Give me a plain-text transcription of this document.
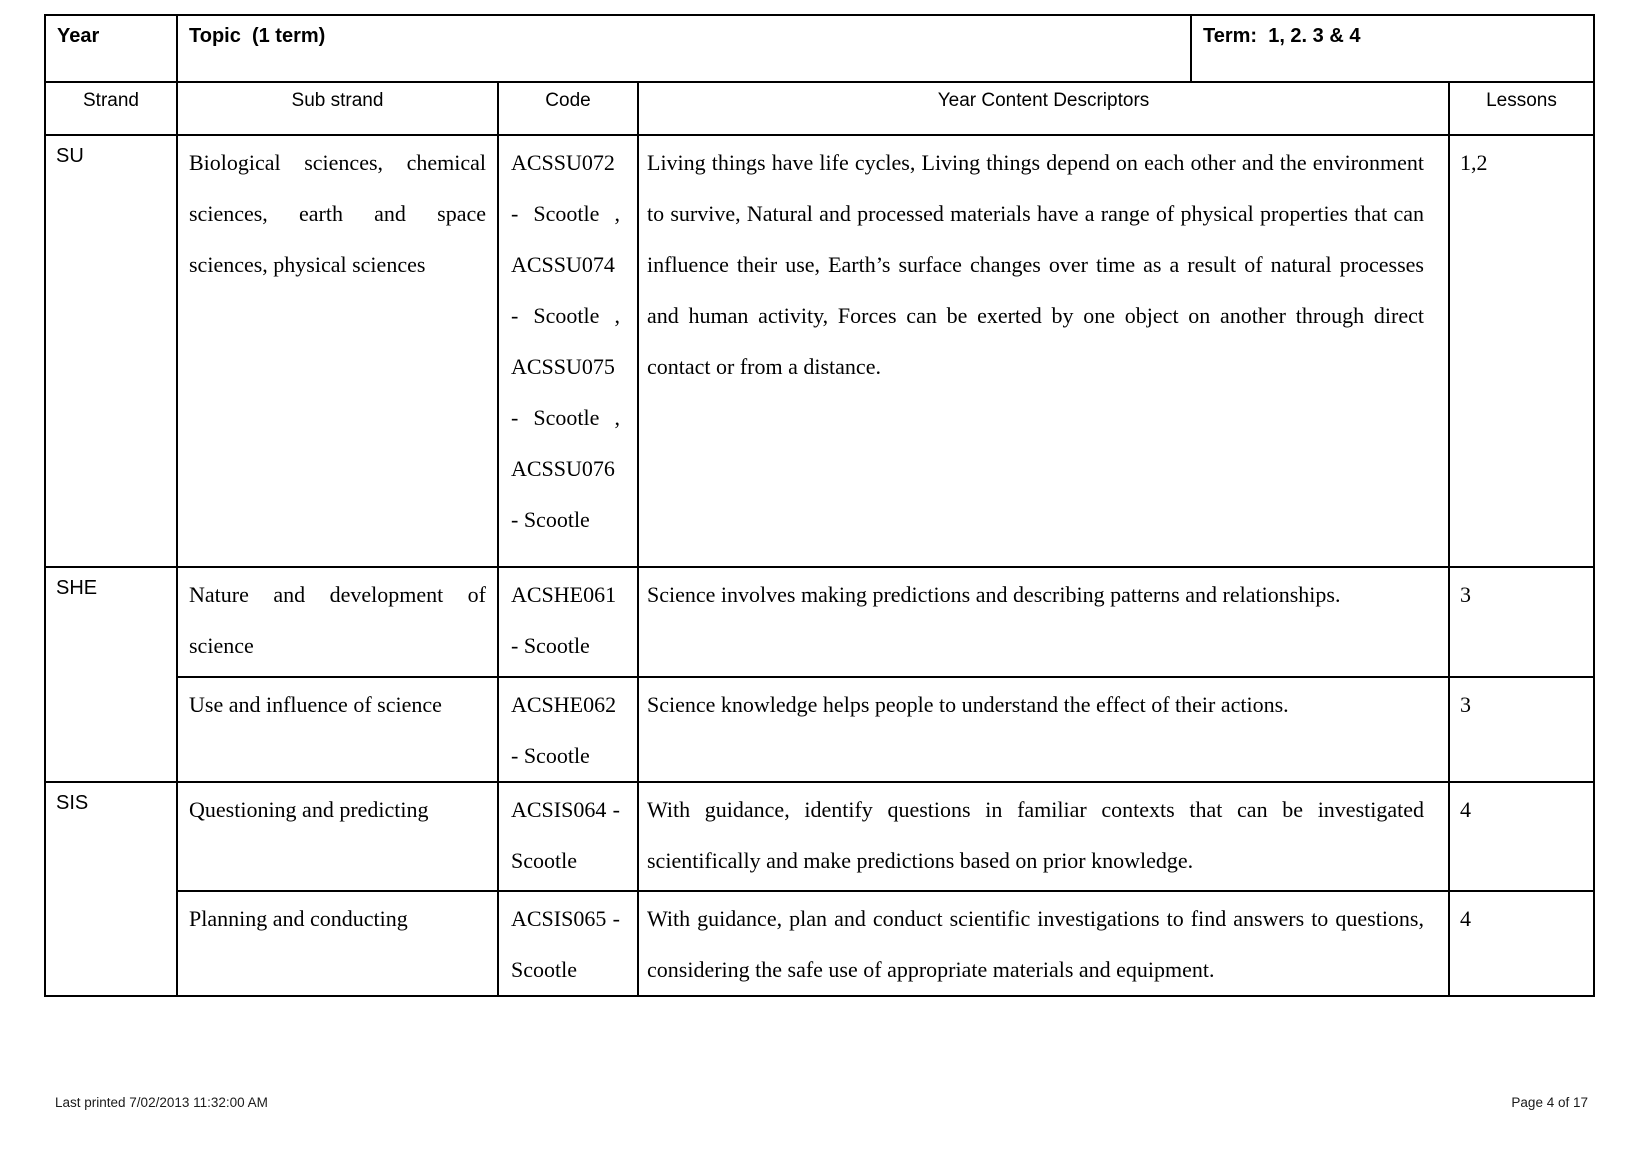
Year	Topic  (1 term)	Term:  1, 2. 3 & 4
Strand	Sub strand	Code	Year Content Descriptors	Lessons
SU	Biological sciences, chemical sciences, earth and space sciences, physical sciences	ACSSU072 - Scootle , ACSSU074 - Scootle , ACSSU075 - Scootle , ACSSU076 - Scootle	Living things have life cycles, Living things depend on each other and the environment to survive, Natural and processed materials have a range of physical properties that can influence their use, Earth’s surface changes over time as a result of natural processes and human activity, Forces can be exerted by one object on another through direct contact or from a distance.	1,2
SHE	Nature and development of science	ACSHE061 - Scootle	Science involves making predictions and describing patterns and relationships.	3
	Use and influence of science	ACSHE062 - Scootle	Science knowledge helps people to understand the effect of their actions.	3
SIS	Questioning and predicting	ACSIS064 - Scootle	With guidance, identify questions in familiar contexts that can be investigated scientifically and make predictions based on prior knowledge.	4
	Planning and conducting	ACSIS065 - Scootle	With guidance, plan and conduct scientific investigations to find answers to questions, considering the safe use of appropriate materials and equipment.	4
Last printed 7/02/2013 11:32:00 AM	Page 4 of 17
